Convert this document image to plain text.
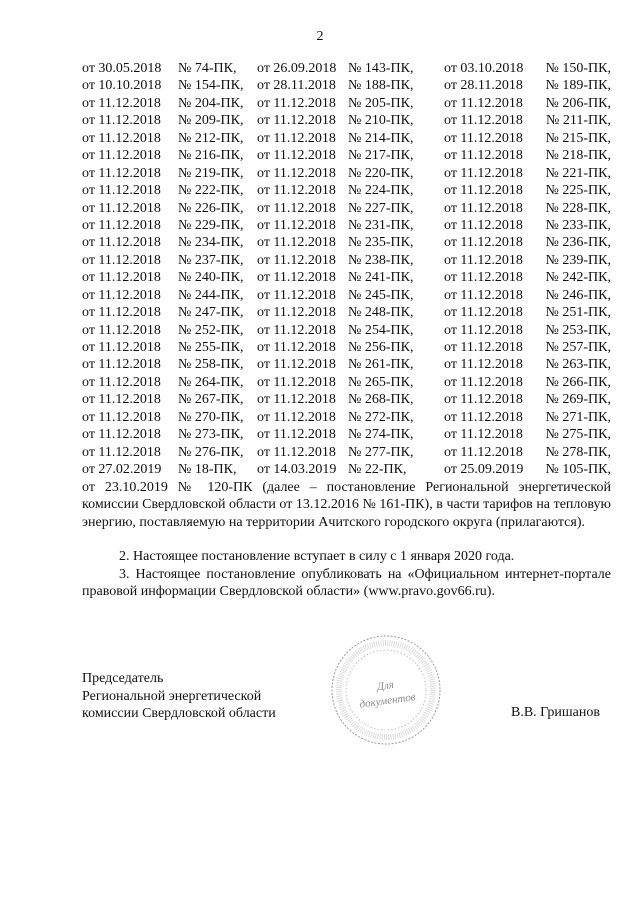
2
от 30.05.2018	№ 74-ПК,	от 26.09.2018 № 143-ПК,	от 03.10.2018	№ 150-ПК,
от 10.10.2018	№ 154-ПК, от 28.11.2018 № 188-ПК,	от 28.11.2018	№ 189-ПК,
от 11.12.2018	№ 204-ПК, от 11.12.2018 № 205-ПК,	от 11.12.2018	№ 206-ПК,
от 11.12.2018	№ 209-ПК, от 11.12.2018 № 210-ПК,	от 11.12.2018	№ 211-ПК,
от 11.12.2018	№ 212-ПК, от 11.12.2018 № 214-ПК,	от 11.12.2018	№ 215-ПК,
от 11.12.2018	№ 216-ПК, от 11.12.2018 № 217-ПК,	от 11.12.2018	№ 218-ПК,
от 11.12.2018	№ 219-ПК, от 11.12.2018 № 220-ПК,	от 11.12.2018	№ 221-ПК,
от 11.12.2018	№ 222-ПК, от 11.12.2018 № 224-ПК,	от 11.12.2018	№ 225-ПК,
от 11.12.2018	№ 226-ПК, от 11.12.2018 № 227-ПК,	от 11.12.2018	№ 228-ПК,
от 11.12.2018	№ 229-ПК, от 11.12.2018 № 231-ПК,	от 11.12.2018	№ 233-ПК,
от 11.12.2018	№ 234-ПК, от 11.12.2018 № 235-ПК,	от 11.12.2018	№ 236-ПК,
от 11.12.2018	№ 237-ПК, от 11.12.2018 № 238-ПК,	от 11.12.2018	№ 239-ПК,
от 11.12.2018	№ 240-ПК, от 11.12.2018 № 241-ПК,	от 11.12.2018	№ 242-ПК,
от 11.12.2018	№ 244-ПК, от 11.12.2018 № 245-ПК,	от 11.12.2018	№ 246-ПК,
от 11.12.2018	№ 247-ПК, от 11.12.2018 № 248-ПК,	от 11.12.2018	№ 251-ПК,
от 11.12.2018	№ 252-ПК, от 11.12.2018 № 254-ПК,	от 11.12.2018	№ 253-ПК,
от 11.12.2018	№ 255-ПК, от 11.12.2018 № 256-ПК,	от 11.12.2018	№ 257-ПК,
от 11.12.2018	№ 258-ПК, от 11.12.2018 № 261-ПК,	от 11.12.2018	№ 263-ПК,
от 11.12.2018	№ 264-ПК, от 11.12.2018 № 265-ПК,	от 11.12.2018	№ 266-ПК,
от 11.12.2018	№ 267-ПК, от 11.12.2018 № 268-ПК,	от 11.12.2018	№ 269-ПК,
от 11.12.2018	№ 270-ПК, от 11.12.2018 № 272-ПК,	от 11.12.2018	№ 271-ПК,
от 11.12.2018	№ 273-ПК, от 11.12.2018 № 274-ПК,	от 11.12.2018	№ 275-ПК,
от 11.12.2018	№ 276-ПК, от 11.12.2018 № 277-ПК,	от 11.12.2018	№ 278-ПК,
от 27.02.2019	№ 18-ПК,	от 14.03.2019 № 22-ПК,	от 25.09.2019	№ 105-ПК,
от 23.10.2019 № 120-ПК (далее – постановление Региональной энергетической комиссии Свердловской области от 13.12.2016 № 161-ПК), в части тарифов на тепловую энергию, поставляемую на территории Ачитского городского округа (прилагаются).
2. Настоящее постановление вступает в силу с 1 января 2020 года.
3. Настоящее постановление опубликовать на «Официальном интернет-портале правовой информации Свердловской области» (www.pravo.gov66.ru).
Председатель
Региональной энергетической
комиссии Свердловской области
Для
документов
В.В. Гришанов
